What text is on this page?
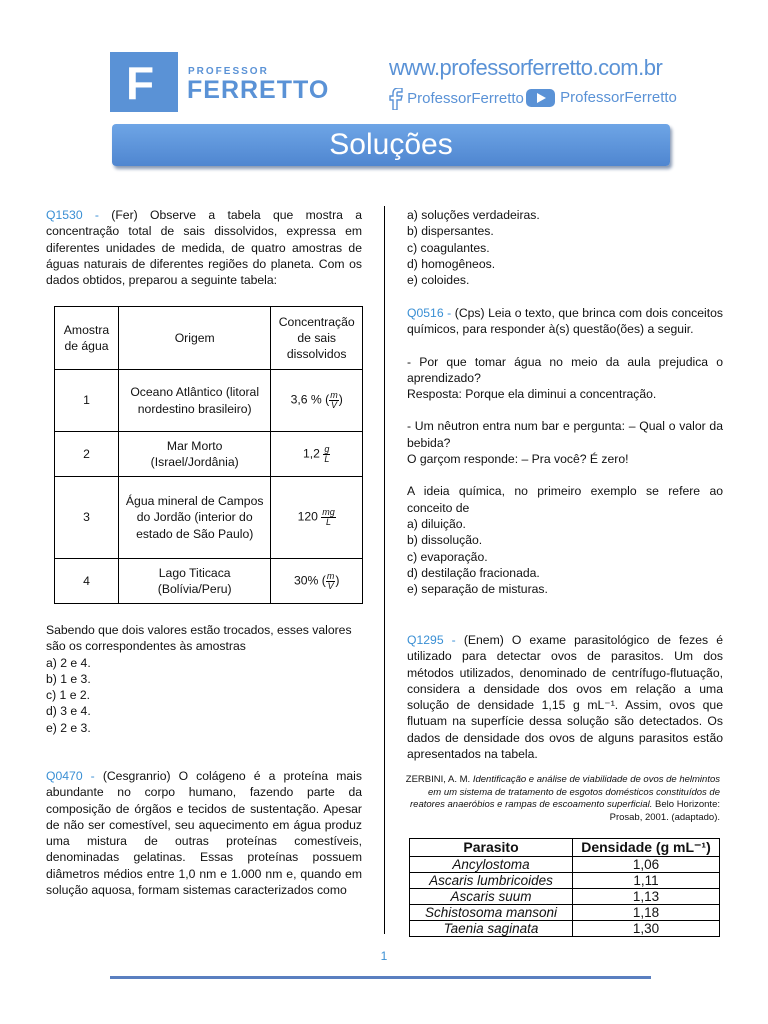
F	PROFESSOR
FERRETTO
www.professorferretto.com.br
ProfessorFerretto	ProfessorFerretto
Soluções

Q1530 - (Fer) Observe a tabela que mostra a concentração total de sais dissolvidos, expressa em diferentes unidades de medida, de quatro amostras de águas naturais de diferentes regiões do planeta. Com os dados obtidos, preparou a seguinte tabela:

Amostra de água	Origem	Concentração de sais dissolvidos
1	Oceano Atlântico (litoral nordestino brasileiro)	3,6 % ( $\frac{m}{V}$ )
2	Mar Morto (Israel/Jordânia)	$1,2 \frac{g}{L}$

3	Água mineral de Campos do Jordão (interior do estado de São Paulo)	$120 \frac{mg}{L}$

4	Lago Titicaca (Bolívia/Peru)	30% ( $\frac{m}{V}$ )

Sabendo que dois valores estão trocados, esses valores são os correspondentes às amostras

a) 2 e 4.

b) 1 e 3.

c) 1 e 2.

d) 3 e 4.

e) 2 e 3.

Q0470 - (Cesgranrio) O colágeno é a proteína mais abundante no corpo humano, fazendo parte da composição de órgãos e tecidos de sustentação. Apesar de não ser comestível, seu aquecimento em água produz uma mistura de outras proteínas comestíveis, denominadas gelatinas. Essas proteínas possuem diâmetros médios entre 1,0 nm e 1.000 nm e, quando em solução aquosa, formam sistemas caracterizados como

a) soluções verdadeiras.

b) dispersantes.

c) coagulantes.

d) homogêneos.

e) coloides.

Q0516 - (Cps) Leia o texto, que brinca com dois conceitos químicos, para responder à(s) questão(ões) a seguir.

- Por que tomar água no meio da aula prejudica o aprendizado?

Resposta: Porque ela diminui a concentração.

- Um nêutron entra num bar e pergunta: – Qual o valor da bebida?

O garçom responde: – Pra você? É zero!

A ideia química, no primeiro exemplo se refere ao conceito de

a) diluição.

b) dissolução.

c) evaporação.

d) destilação fracionada.

e) separação de misturas.

Q1295 - (Enem) O exame parasitológico de fezes é utilizado para detectar ovos de parasitos. Um dos métodos utilizados, denominado de centrífugo-flutuação, considera a densidade dos ovos em relação a uma solução de densidade 1,15 g mL⁻¹. Assim, ovos que flutuam na superfície dessa solução são detectados. Os dados de densidade dos ovos de alguns parasitos estão apresentados na tabela.

ZERBINI, A. M. Identificação e análise de viabilidade de ovos de helmintos em um sistema de tratamento de esgotos domésticos constituídos de reatores anaeróbios e rampas de escoamento superficial. Belo Horizonte: Prosab, 2001. (adaptado).
Parasito	Densidade (g mL⁻¹)
Ancylostoma	1,06
Ascaris lumbricoides	1,11
Ascaris suum	1,13
Schistosoma mansoni	1,18
Taenia saginata	1,30
1
